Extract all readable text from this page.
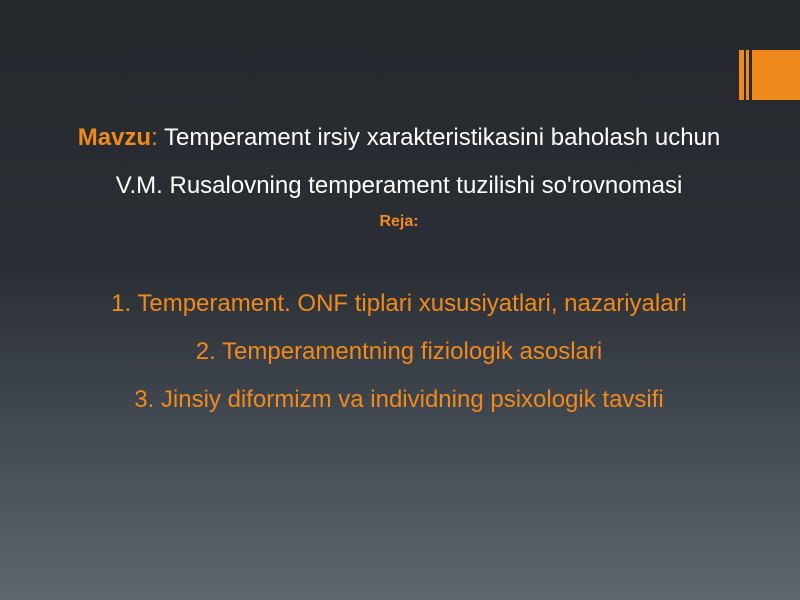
Mavzu: Temperament irsiy xarakteristikasini baholash uchun V.M. Rusalovning temperament tuzilishi so'rovnomasi

Reja:

1. Temperament. ONF tiplari xususiyatlari, nazariyalari
2. Temperamentning fiziologik asoslari
3. Jinsiy diformizm va individning psixologik tavsifi
